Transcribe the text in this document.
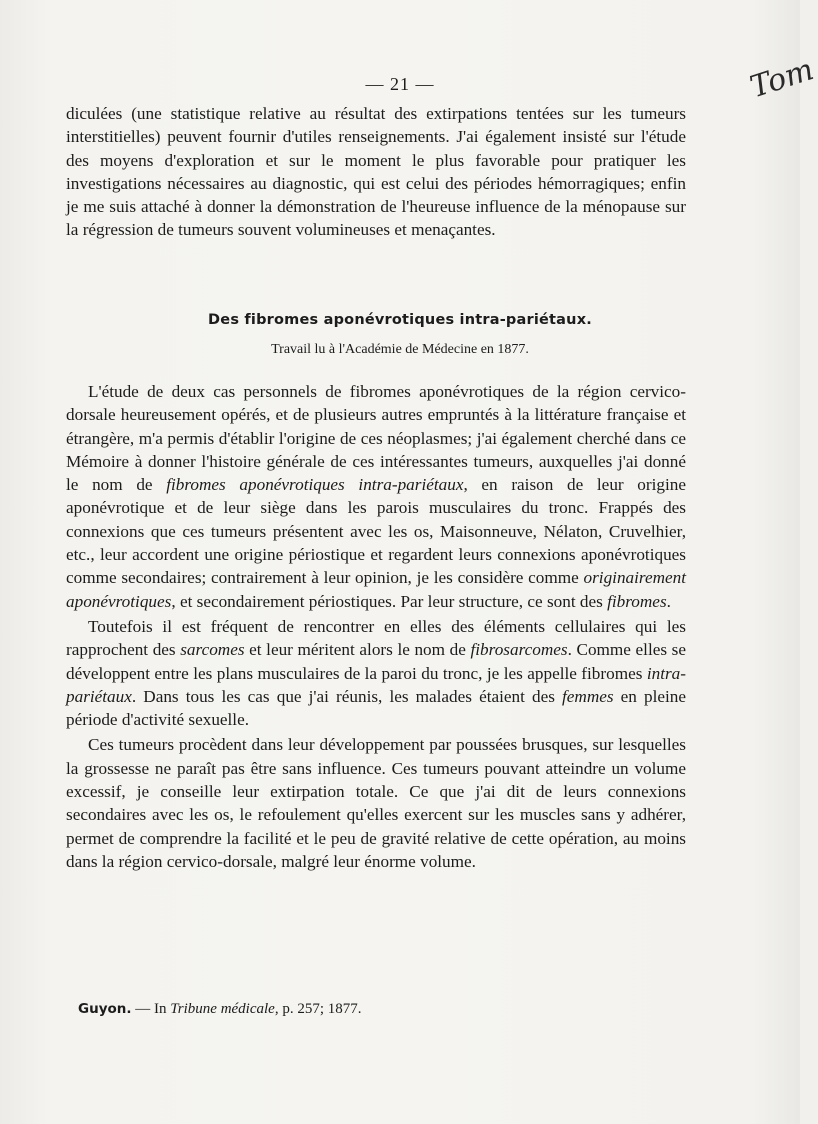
— 21 —	Tom

diculées (une statistique relative au résultat des extirpations tentées sur les tumeurs interstitielles) peuvent fournir d'utiles renseignements. J'ai également insisté sur l'étude des moyens d'exploration et sur le moment le plus favorable pour pratiquer les investigations nécessaires au diagnostic, qui est celui des périodes hémorragiques; enfin je me suis attaché à donner la démonstration de l'heureuse influence de la ménopause sur la régression de tumeurs souvent volumineuses et menaçantes.

Des fibromes aponévrotiques intra-pariétaux.
Travail lu à l'Académie de Médecine en 1877.

L'étude de deux cas personnels de fibromes aponévrotiques de la région cervico-dorsale heureusement opérés, et de plusieurs autres empruntés à la littérature française et étrangère, m'a permis d'établir l'origine de ces néoplasmes; j'ai également cherché dans ce Mémoire à donner l'histoire générale de ces intéressantes tumeurs, auxquelles j'ai donné le nom de fibromes aponévrotiques intra-pariétaux, en raison de leur origine aponévrotique et de leur siège dans les parois musculaires du tronc. Frappés des connexions que ces tumeurs présentent avec les os, Maisonneuve, Nélaton, Cruvelhier, etc., leur accordent une origine périostique et regardent leurs connexions aponévrotiques comme secondaires; contrairement à leur opinion, je les considère comme originairement aponévrotiques, et secondairement périostiques. Par leur structure, ce sont des fibromes.

Toutefois il est fréquent de rencontrer en elles des éléments cellulaires qui les rapprochent des sarcomes et leur méritent alors le nom de fibrosarcomes. Comme elles se développent entre les plans musculaires de la paroi du tronc, je les appelle fibromes intra-pariétaux. Dans tous les cas que j'ai réunis, les malades étaient des femmes en pleine période d'activité sexuelle.

Ces tumeurs procèdent dans leur développement par poussées brusques, sur lesquelles la grossesse ne paraît pas être sans influence. Ces tumeurs pouvant atteindre un volume excessif, je conseille leur extirpation totale. Ce que j'ai dit de leurs connexions secondaires avec les os, le refoulement qu'elles exercent sur les muscles sans y adhérer, permet de comprendre la facilité et le peu de gravité relative de cette opération, au moins dans la région cervico-dorsale, malgré leur énorme volume.

Guyon. — In Tribune médicale, p. 257; 1877.
